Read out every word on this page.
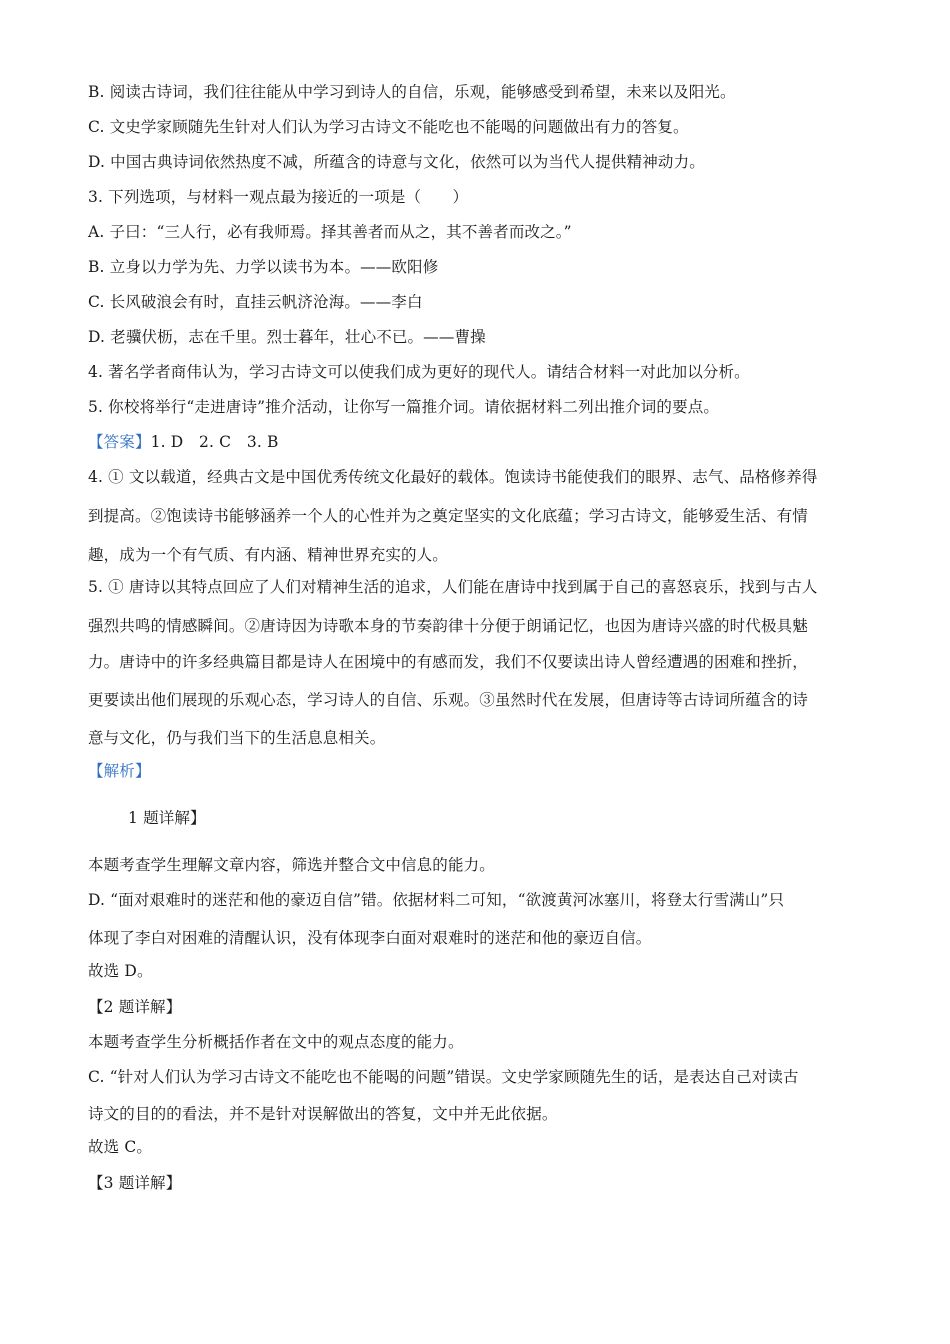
B. 阅读古诗词，我们往往能从中学习到诗人的自信，乐观，能够感受到希望，未来以及阳光。
C. 文史学家顾随先生针对人们认为学习古诗文不能吃也不能喝的问题做出有力的答复。
D. 中国古典诗词依然热度不减，所蕴含的诗意与文化，依然可以为当代人提供精神动力。
3. 下列选项，与材料一观点最为接近的一项是（　　）
A. 子曰：“三人行，必有我师焉。择其善者而从之，其不善者而改之。”
B. 立身以力学为先、力学以读书为本。——欧阳修
C. 长风破浪会有时，直挂云帆济沧海。——李白
D. 老骥伏枥，志在千里。烈士暮年，壮心不已。——曹操
4. 著名学者商伟认为，学习古诗文可以使我们成为更好的现代人。请结合材料一对此加以分析。
5. 你校将举行“走进唐诗”推介活动，让你写一篇推介词。请依据材料二列出推介词的要点。
【答案】1. D　2. C　3. B
4. ① 文以载道，经典古文是中国优秀传统文化最好的载体。饱读诗书能使我们的眼界、志气、品格修养得
到提高。②饱读诗书能够涵养一个人的心性并为之奠定坚实的文化底蕴；学习古诗文，能够爱生活、有情
趣，成为一个有气质、有内涵、精神世界充实的人。
5. ① 唐诗以其特点回应了人们对精神生活的追求，人们能在唐诗中找到属于自己的喜怒哀乐，找到与古人
强烈共鸣的情感瞬间。②唐诗因为诗歌本身的节奏韵律十分便于朗诵记忆，也因为唐诗兴盛的时代极具魅
力。唐诗中的许多经典篇目都是诗人在困境中的有感而发，我们不仅要读出诗人曾经遭遇的困难和挫折，
更要读出他们展现的乐观心态，学习诗人的自信、乐观。③虽然时代在发展，但唐诗等古诗词所蕴含的诗
意与文化，仍与我们当下的生活息息相关。
【解析】
1 题详解】
本题考查学生理解文章内容，筛选并整合文中信息的能力。
D. “面对艰难时的迷茫和他的豪迈自信”错。依据材料二可知，“欲渡黄河冰塞川，将登太行雪满山”只
体现了李白对困难的清醒认识，没有体现李白面对艰难时的迷茫和他的豪迈自信。
故选 D。
【2 题详解】
本题考查学生分析概括作者在文中的观点态度的能力。
C. “针对人们认为学习古诗文不能吃也不能喝的问题”错误。文史学家顾随先生的话，是表达自己对读古
诗文的目的的看法，并不是针对误解做出的答复，文中并无此依据。
故选 C。
【3 题详解】
